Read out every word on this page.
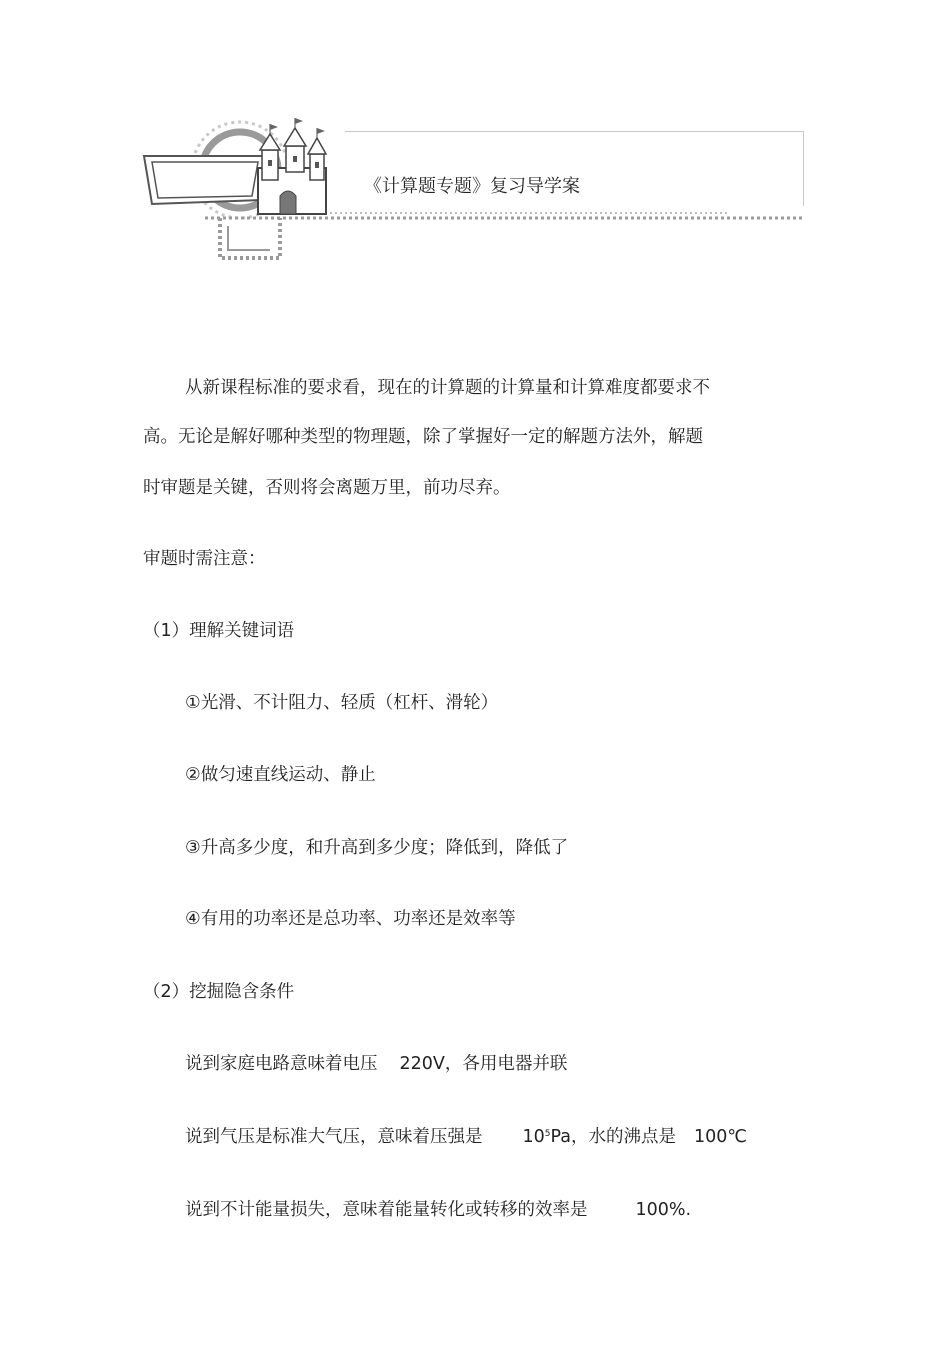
《计算题专题》复习导学案
从新课程标准的要求看，现在的计算题的计算量和计算难度都要求不
高。无论是解好哪种类型的物理题，除了掌握好一定的解题方法外，解题
时审题是关键，否则将会离题万里，前功尽弃。
审题时需注意：
（1）理解关键词语
①光滑、不计阻力、轻质（杠杆、滑轮）
②做匀速直线运动、静止
③升高多少度，和升高到多少度；降低到，降低了
④有用的功率还是总功率、功率还是效率等
（2）挖掘隐含条件
说到家庭电路意味着电压 220V，各用电器并联
说到气压是标准大气压，意味着压强是 $10^5Pa$，水的沸点是 100℃
说到不计能量损失，意味着能量转化或转移的效率是	100%.
